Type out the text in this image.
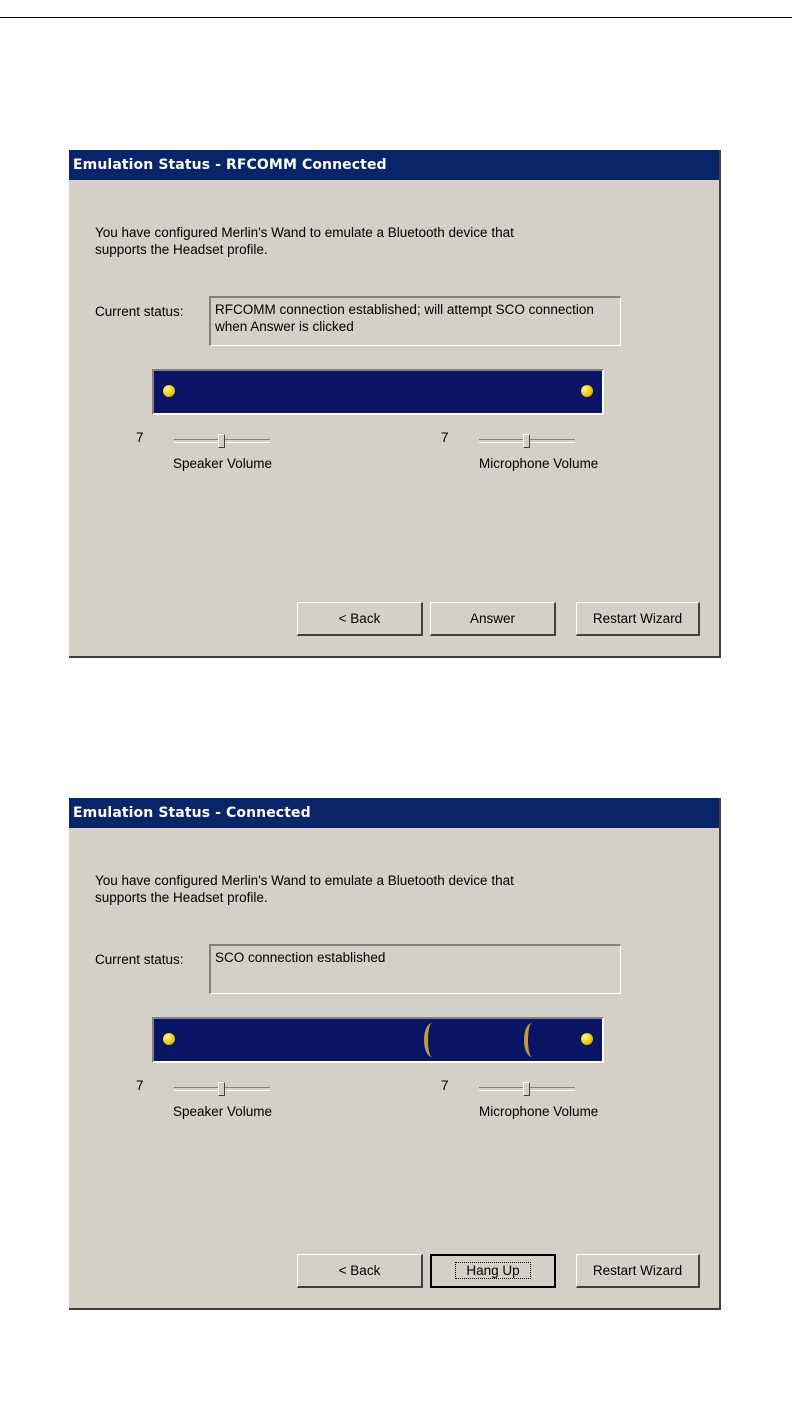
Emulation Status - RFCOMM Connected
You have configured Merlin's Wand to emulate a Bluetooth device that supports the Headset profile.
Current status:	RFCOMM connection established; will attempt SCO connection when Answer is clicked
7
Speaker Volume
7
Microphone Volume
< Back	Answer	Restart Wizard
Emulation Status - Connected
You have configured Merlin's Wand to emulate a Bluetooth device that supports the Headset profile.
Current status:	SCO connection established
7
Speaker Volume
7
Microphone Volume
< Back	Hang Up	Restart Wizard
